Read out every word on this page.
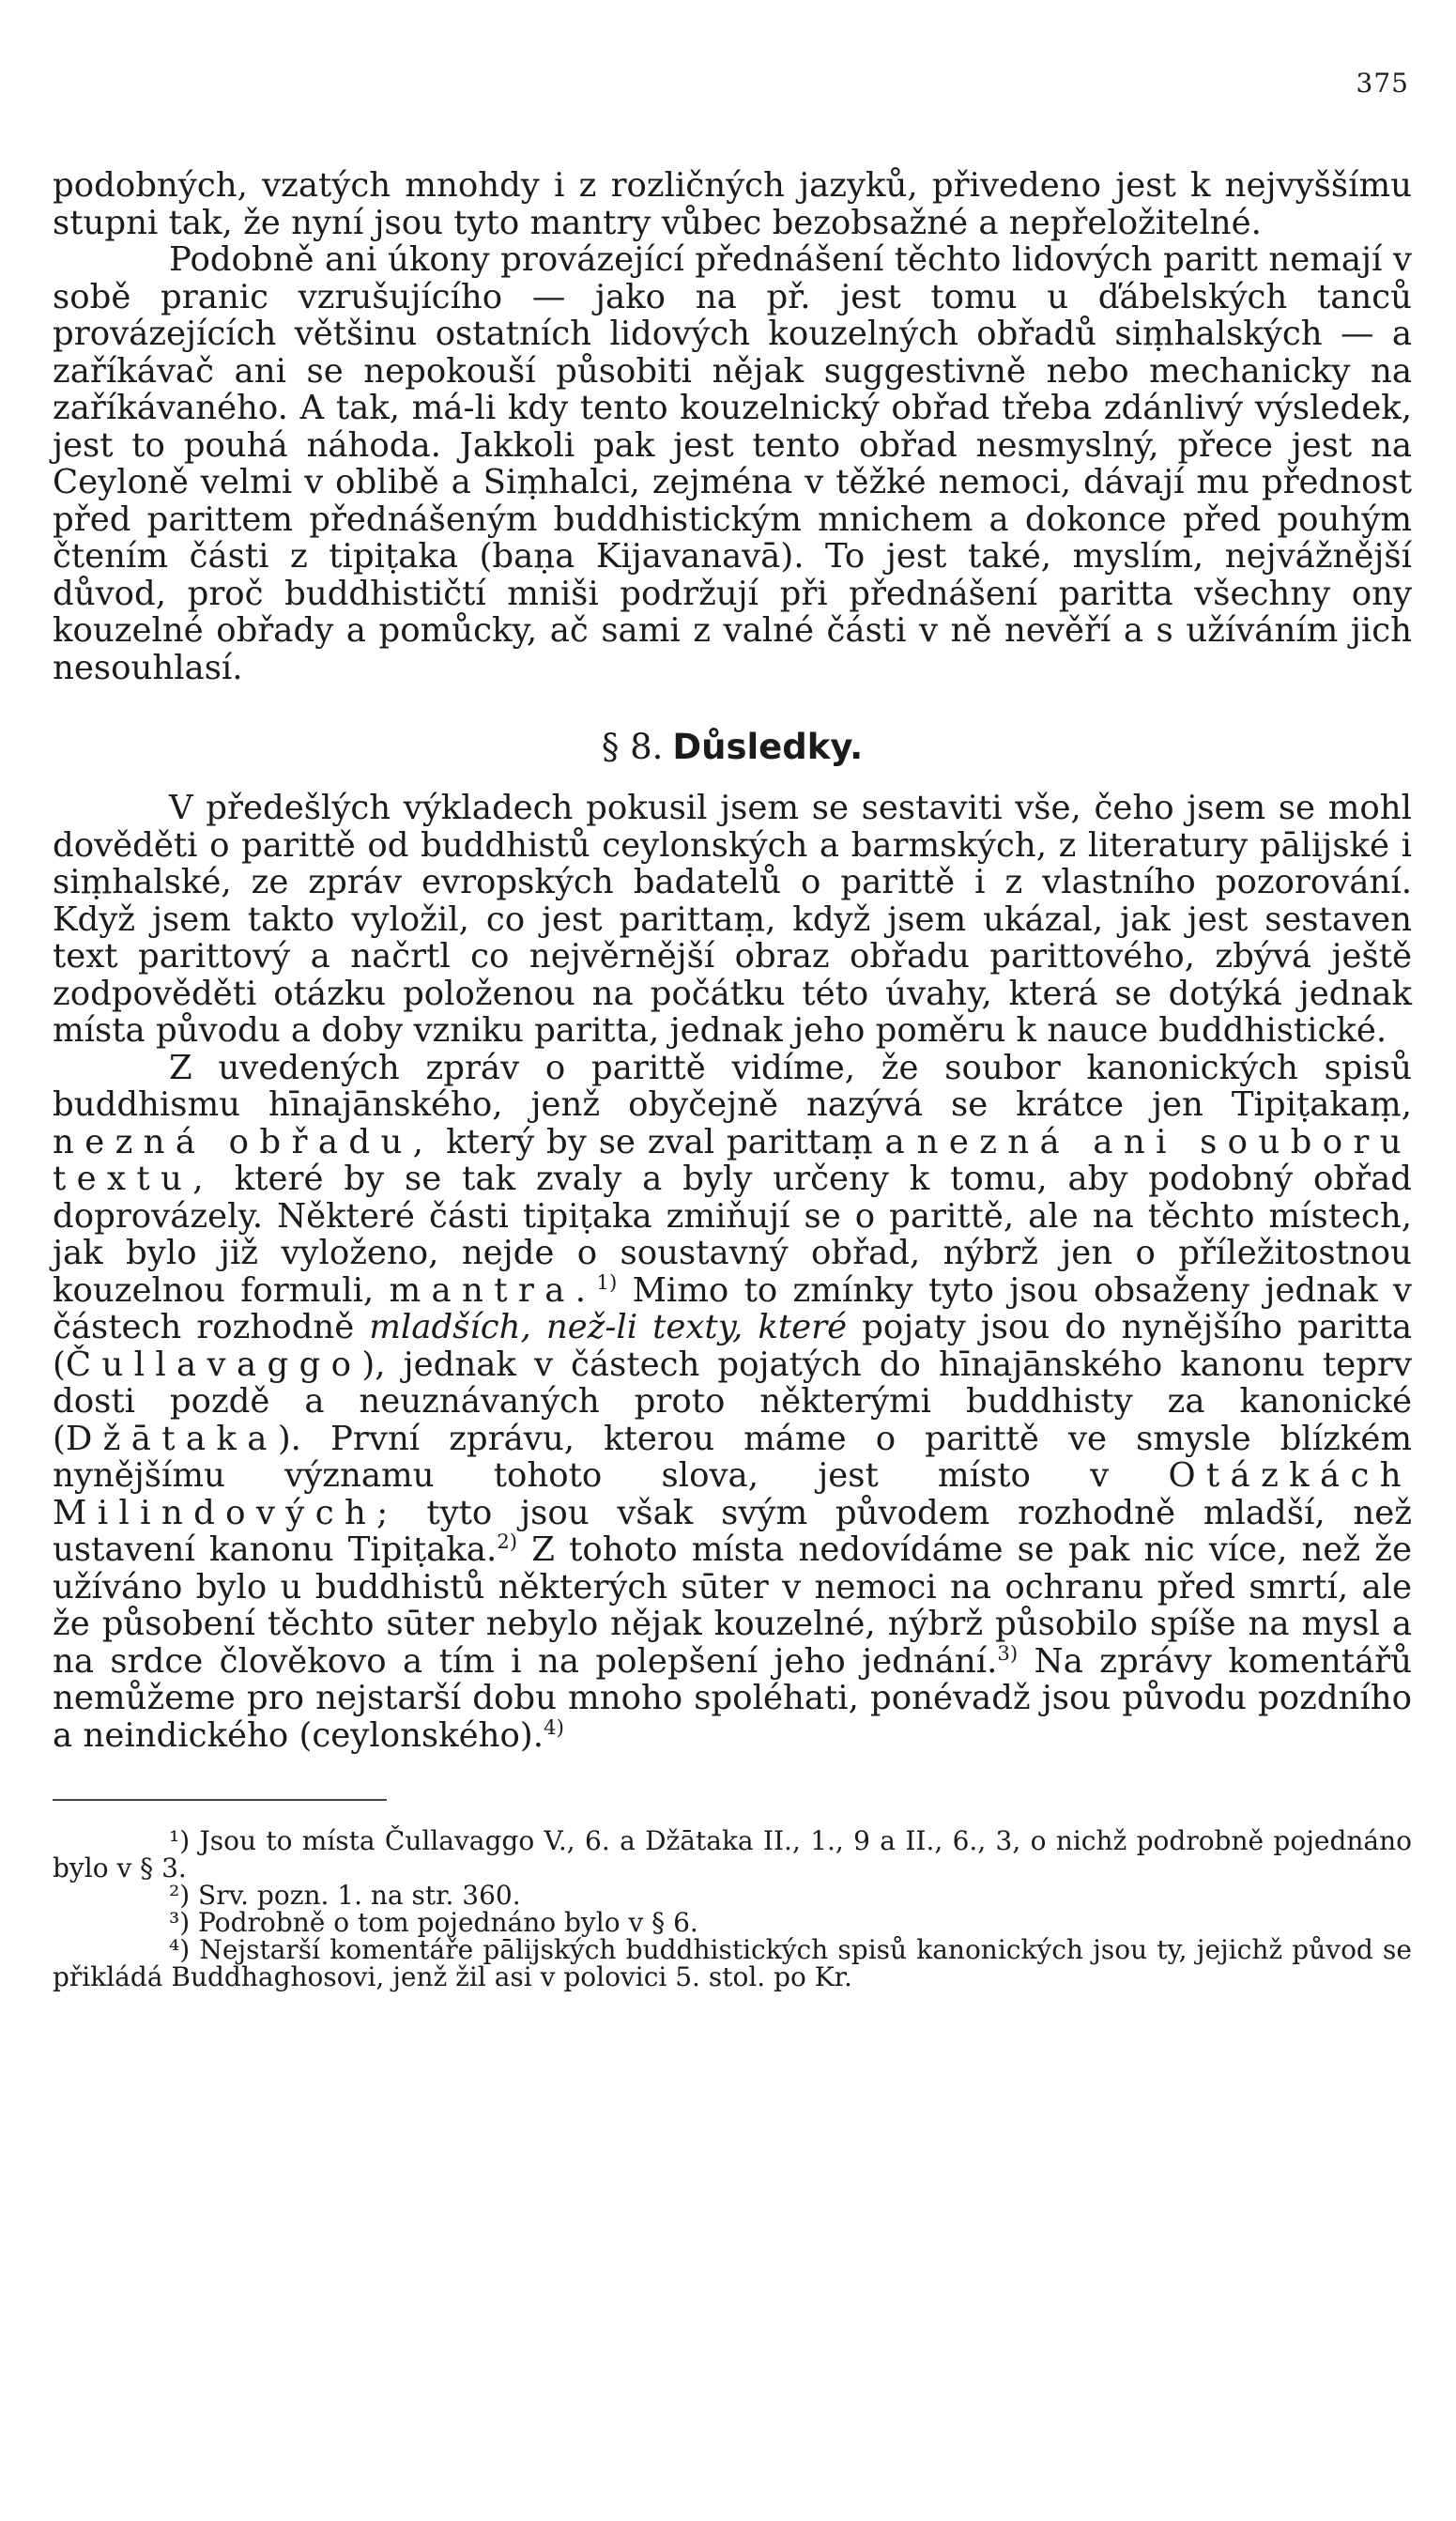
375

podobných, vzatých mnohdy i z rozličných jazyků, přivedeno jest k nejvyššímu stupni tak, že nyní jsou tyto mantry vůbec bezobsažné a nepřeložitelné.

Podobně ani úkony provázející přednášení těchto lidových paritt nemají v sobě pranic vzrušujícího — jako na př. jest tomu u ďábelských tanců provázejících většinu ostatních lidových kouzelných obřadů siṃhalských — a zaříkávač ani se nepokouší působiti nějak suggestivně nebo mechanicky na zaříkávaného. A tak, má-li kdy tento kouzelnický obřad třeba zdánlivý výsledek, jest to pouhá náhoda. Jakkoli pak jest tento obřad nesmyslný, přece jest na Ceyloně velmi v oblibě a Siṃhalci, zejména v těžké nemoci, dávají mu přednost před parittem přednášeným buddhistickým mnichem a dokonce před pouhým čtením části z tipiṭaka (baṇa Kijavanavā). To jest také, myslím, nejvážnější důvod, proč buddhističtí mniši podržují při přednášení paritta všechny ony kouzelné obřady a pomůcky, ač sami z valné části v ně nevěří a s užíváním jich nesouhlasí.

§ 8. Důsledky.

V předešlých výkladech pokusil jsem se sestaviti vše, čeho jsem se mohl dověděti o parittě od buddhistů ceylonských a barmských, z literatury pālijské i siṃhalské, ze zpráv evropských badatelů o parittě i z vlastního pozorování. Když jsem takto vyložil, co jest parittaṃ, když jsem ukázal, jak jest sestaven text parittový a načrtl co nejvěrnější obraz obřadu parittového, zbývá ještě zodpověděti otázku položenou na počátku této úvahy, která se dotýká jednak místa původu a doby vzniku paritta, jednak jeho poměru k nauce buddhistické.

Z uvedených zpráv o parittě vidíme, že soubor kanonických spisů buddhismu hīnajānského, jenž obyčejně nazývá se krátce jen Tipiṭakaṃ, nezná obřadu, který by se zval parittaṃ a nezná ani souboru textu, které by se tak zvaly a byly určeny k tomu, aby podobný obřad doprovázely. Některé části tipiṭaka zmiňují se o parittě, ale na těchto místech, jak bylo již vyloženo, nejde o soustavný obřad, nýbrž jen o příležitostnou kouzelnou formuli, mantra.$^{1)}$ Mimo to zmínky tyto jsou obsaženy jednak v částech rozhodně mladších, než-li texty, které pojaty jsou do nynějšího paritta (Čullavaggo), jednak v částech pojatých do hīnajānského kanonu teprv dosti pozdě a neuznávaných proto některými buddhisty za kanonické (Džātaka). První zprávu, kterou máme o parittě ve smysle blízkém nynějšímu významu tohoto slova, jest místo v Otázkách Milindových; tyto jsou však svým původem rozhodně mladší, než ustavení kanonu Tipiṭaka.$^{2)}$ Z tohoto místa nedovídáme se pak nic více, než že užíváno bylo u buddhistů některých sūter v nemoci na ochranu před smrtí, ale že působení těchto sūter nebylo nějak kouzelné, nýbrž působilo spíše na mysl a na srdce člověkovo a tím i na polepšení jeho jednání.$^{3)}$ Na zprávy komentářů nemůžeme pro nejstarší dobu mnoho spoléhati, ponévadž jsou původu pozdního a neindického (ceylonského).$^{4)}$

¹) Jsou to místa Čullavaggo V., 6. a Džātaka II., 1., 9 a II., 6., 3, o nichž podrobně pojednáno bylo v § 3.

²) Srv. pozn. 1. na str. 360.

³) Podrobně o tom pojednáno bylo v § 6.

⁴) Nejstarší komentáře pālijských buddhistických spisů kanonických jsou ty, jejichž původ se přikládá Buddhaghosovi, jenž žil asi v polovici 5. stol. po Kr.
